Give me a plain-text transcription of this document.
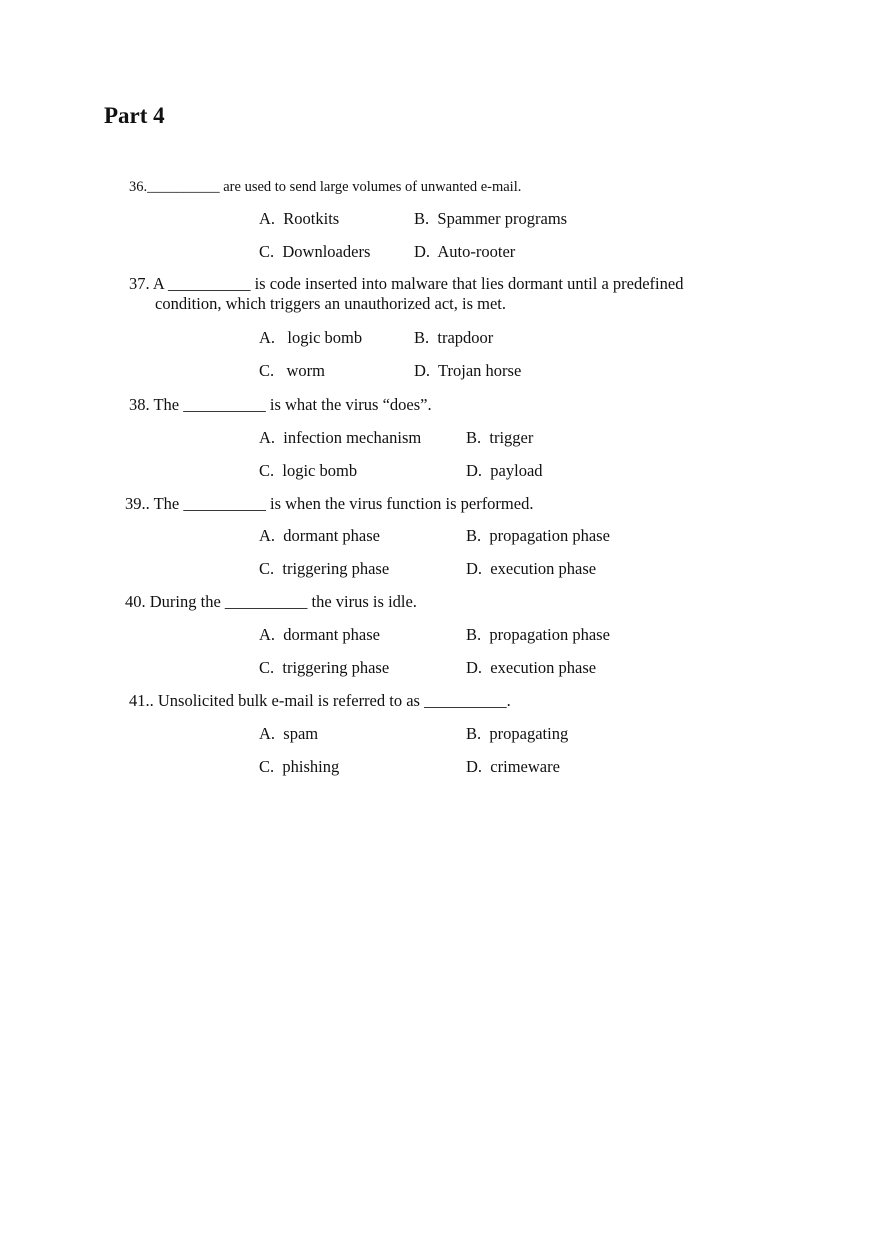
Part 4
36.__________ are used to send large volumes of unwanted e-mail.
A. Rootkits	B. Spammer programs
C. Downloaders	D. Auto-rooter
37. A __________ is code inserted into malware that lies dormant until a predefined
condition, which triggers an unauthorized act, is met.
A. logic bomb	B. trapdoor
C. worm	D. Trojan horse
38. The __________ is what the virus “does”.
A. infection mechanism	B. trigger
C. logic bomb	D. payload
39.. The __________ is when the virus function is performed.
A. dormant phase	B. propagation phase
C. triggering phase	D. execution phase
40. During the __________ the virus is idle.
A. dormant phase	B. propagation phase
C. triggering phase	D. execution phase
41.. Unsolicited bulk e-mail is referred to as __________.
A. spam	B. propagating
C. phishing	D. crimeware
